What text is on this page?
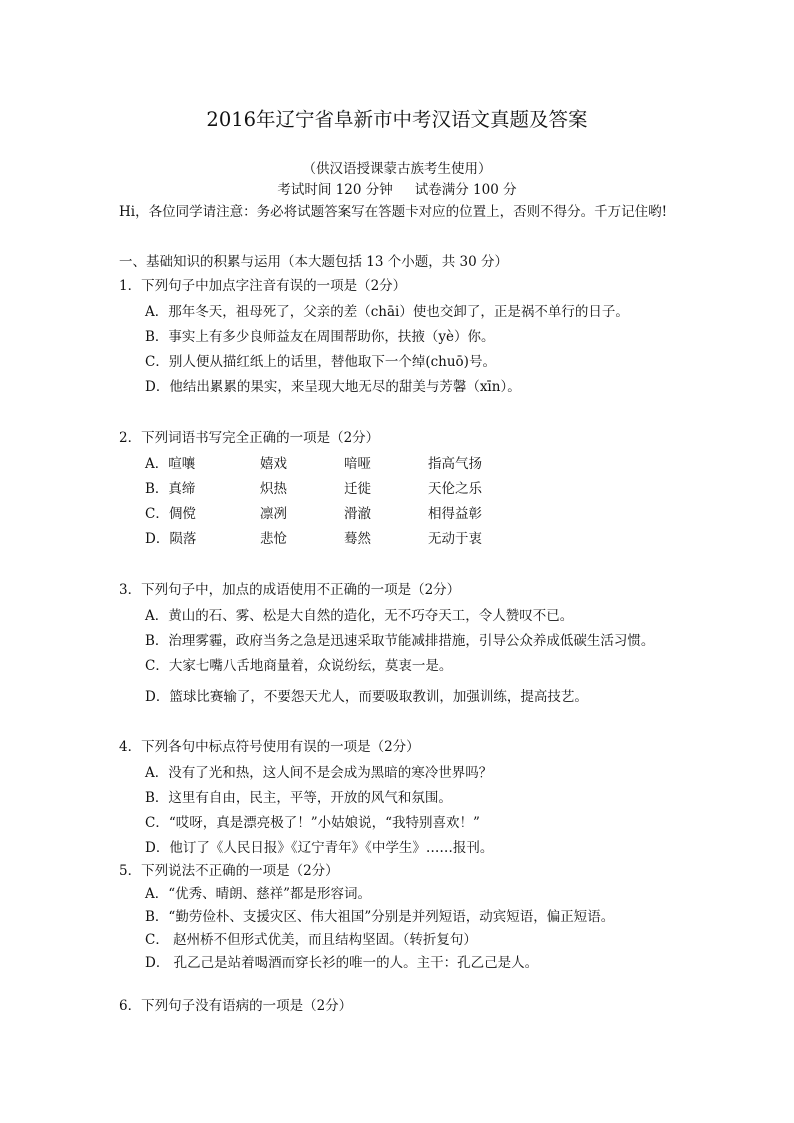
2016年辽宁省阜新市中考汉语文真题及答案
（供汉语授课蒙古族考生使用）
考试时间 120 分钟 试卷满分 100 分
Hi，各位同学请注意：务必将试题答案写在答题卡对应的位置上，否则不得分。千万记住哟!
一、基础知识的积累与运用（本大题包括 13 个小题，共 30 分）
1．下列句子中加点字注音有误的一项是（2分）
A．那年冬天，祖母死了，父亲的差（chāi）使也交卸了，正是祸不单行的日子。
B．事实上有多少良师益友在周围帮助你，扶掖（yè）你。
C．别人便从描红纸上的话里，替他取下一个绰(chuō)号。
D．他结出累累的果实，来呈现大地无尽的甜美与芳馨（xīn）。
2．下列词语书写完全正确的一项是（2分）
A．喧嚷	嬉戏	喑哑	指高气扬
B．真缔	炽热	迁徙	天伦之乐
C．倜傥	凛冽	滑澈	相得益彰
D．陨落	悲怆	蓦然	无动于衷
3．下列句子中，加点的成语使用不正确的一项是（2分）
A．黄山的石、雾、松是大自然的造化，无不巧夺天工，令人赞叹不已。
B．治理雾霾，政府当务之急是迅速采取节能减排措施，引导公众养成低碳生活习惯。
C．大家七嘴八舌地商量着，众说纷纭，莫衷一是。
D．篮球比赛输了，不要怨天尤人，而要吸取教训，加强训练，提高技艺。
4．下列各句中标点符号使用有误的一项是（2分）
A．没有了光和热，这人间不是会成为黑暗的寒冷世界吗？
B．这里有自由，民主，平等，开放的风气和氛围。
C．“哎呀，真是漂亮极了！”小姑娘说，“我特别喜欢！”
D．他订了《人民日报》《辽宁青年》《中学生》……报刊。
5．下列说法不正确的一项是（2分）
A．“优秀、晴朗、慈祥”都是形容词。
B．“勤劳俭朴、支援灾区、伟大祖国”分别是并列短语，动宾短语，偏正短语。
C． 赵州桥不但形式优美，而且结构坚固。（转折复句）
D． 孔乙己是站着喝酒而穿长衫的唯一的人。主干：孔乙己是人。
6．下列句子没有语病的一项是（2分）
